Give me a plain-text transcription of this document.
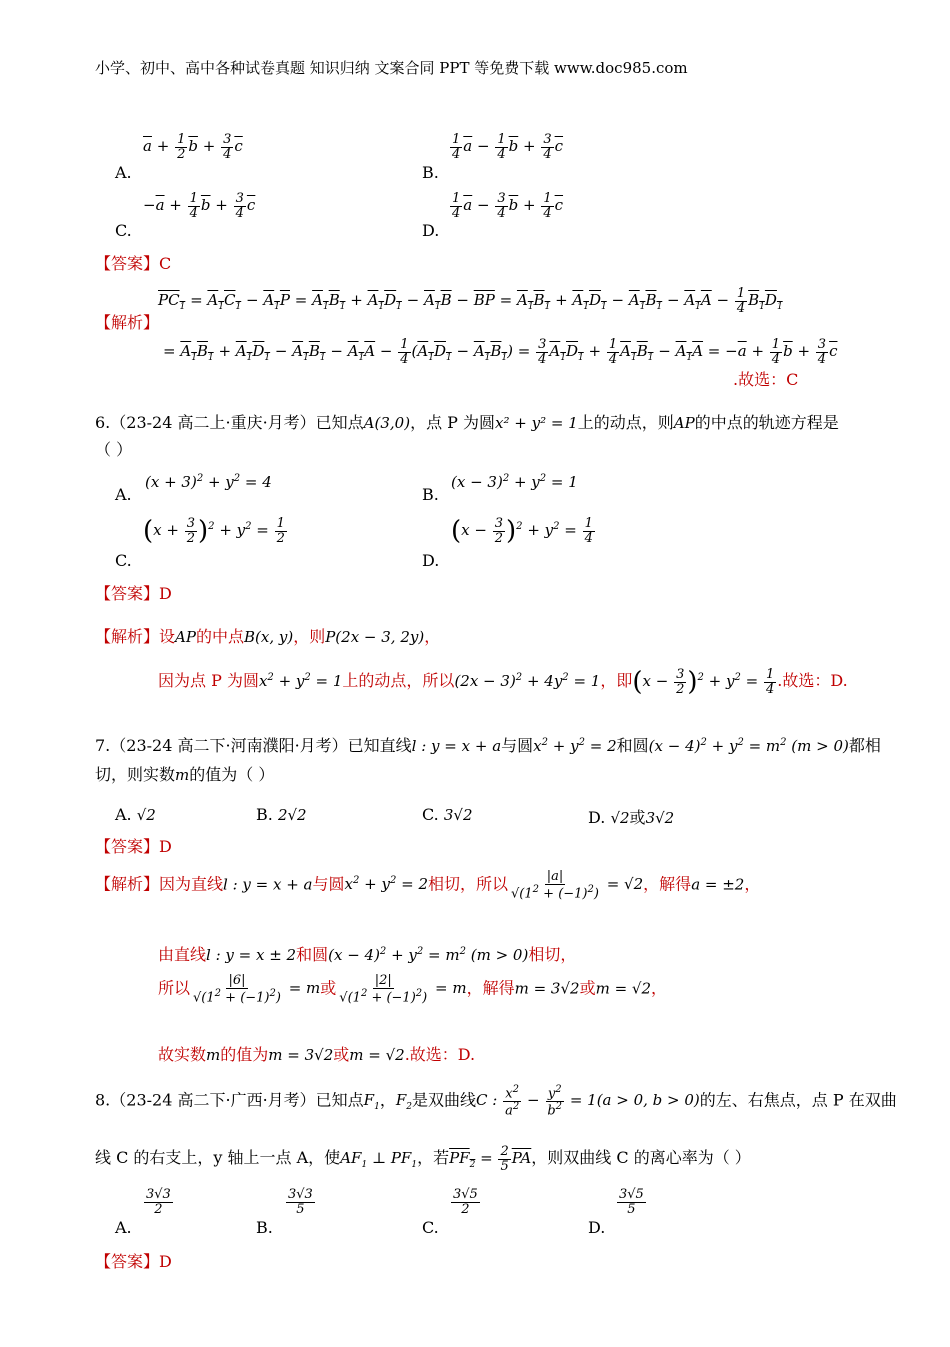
小学、初中、高中各种试卷真题 知识归纳 文案合同 PPT 等免费下载 www.doc985.com
A.
$\overline{a} + \frac{1}{2} \overline{b} + \frac{3}{4} \overline{c}$
B.
$\frac{1}{4} \overline{a} - \frac{1}{4} \overline{b} + \frac{3}{4} \overline{c}$
C.
$-\overline{a} + \frac{1}{4} \overline{b} + \frac{3}{4} \overline{c}$
D.
$\frac{1}{4} \overline{a} - \frac{3}{4} \overline{b} + \frac{1}{4} \overline{c}$
【答案】C
【解析】
$PC_1 = A_1C_1 - A_1P = A_1B_1 + A_1D_1 - A_1B - \overline{BP} = A_1B_1 + A_1D_1 - A_1B_1 - A_1A - \frac{1}{4} B_1D_1$
= $A_1B_1 + A_1D_1 - A_1B_1 - A_1A - \frac{1}{4} (A_1D_1 - A_1B_1) = \frac{3}{4} A_1D_1 + \frac{1}{4} A_1B_1 - A_1A = -\overline{a} + \frac{1}{4} \overline{b} + \frac{3}{4} \overline{c}$
.故选：C
6.（23-24 高二上·重庆·月考）已知点A(3,0)，点 P 为圆x² + y² = 1上的动点，则AP的中点的轨迹方程是
（ ）
A.
$(x + 3)^2 + y^2 = 4$
B.
$(x - 3)^2 + y^2 = 1$
C.
$(x + \frac{3}{2} )^2 + y^2 = \frac{1}{2}$
D.
$(x - \frac{3}{2} )^2 + y^2 = \frac{1}{4}$
【答案】D
【解析】设AP的中点B(x, y)，则P(2x − 3, 2y)，
因为点 P 为圆$x^2 + y^2 = 1$上的动点，所以$(2x - 3)^2 + 4y^2 = 1$，即$(x - \frac{3}{2} )^2 + y^2 = \frac{1}{4}$ .故选：D.
7.（23-24 高二下·河南濮阳·月考）已知直线l : y = x + a与圆$x^2 + y^2 = 2$和圆$(x - 4)^2 + y^2 = m^2$ (m > 0)都相
切，则实数m的值为（ ）
A. √2	B. 2√2	C. 3√2	D. √2或3√2
【答案】D
【解析】因为直线l : y = x + a与圆$x^2 + y^2 = 2$相切，所以 $\frac{|a|}{√(1^2 + (-1)^2)} = √2$，解得a = ±2，
由直线l : y = x ± 2和圆$(x - 4)^2 + y^2 = m^2$ (m > 0)相切，
所以 $\frac{|6|}{√(1^2 + (-1)^2)} = m$或 $\frac{|2|}{√(1^2 + (-1)^2)} = m$，解得m = 3√2或m = √2，
故实数m的值为m = 3√2或m = √2.故选：D.
8.（23-24 高二下·广西·月考）已知点$F_1$，$F_2$是双曲线C : $\frac{x^2}{a^2} - \frac{y^2}{b^2} = 1(a > 0$, b > 0)的左、右焦点，点 P 在双曲
线 C 的右支上，y 轴上一点 A，使$AF_1$ ⊥ $PF_1$，若$PF_2 = \frac{2}{5} \overline{PA}$，则双曲线 C 的离心率为（ ）
A.
$\frac{3√3}{2}$
B.
$\frac{3√3}{5}$
C.
$\frac{3√5}{2}$
D.
$\frac{3√5}{5}$
【答案】D
